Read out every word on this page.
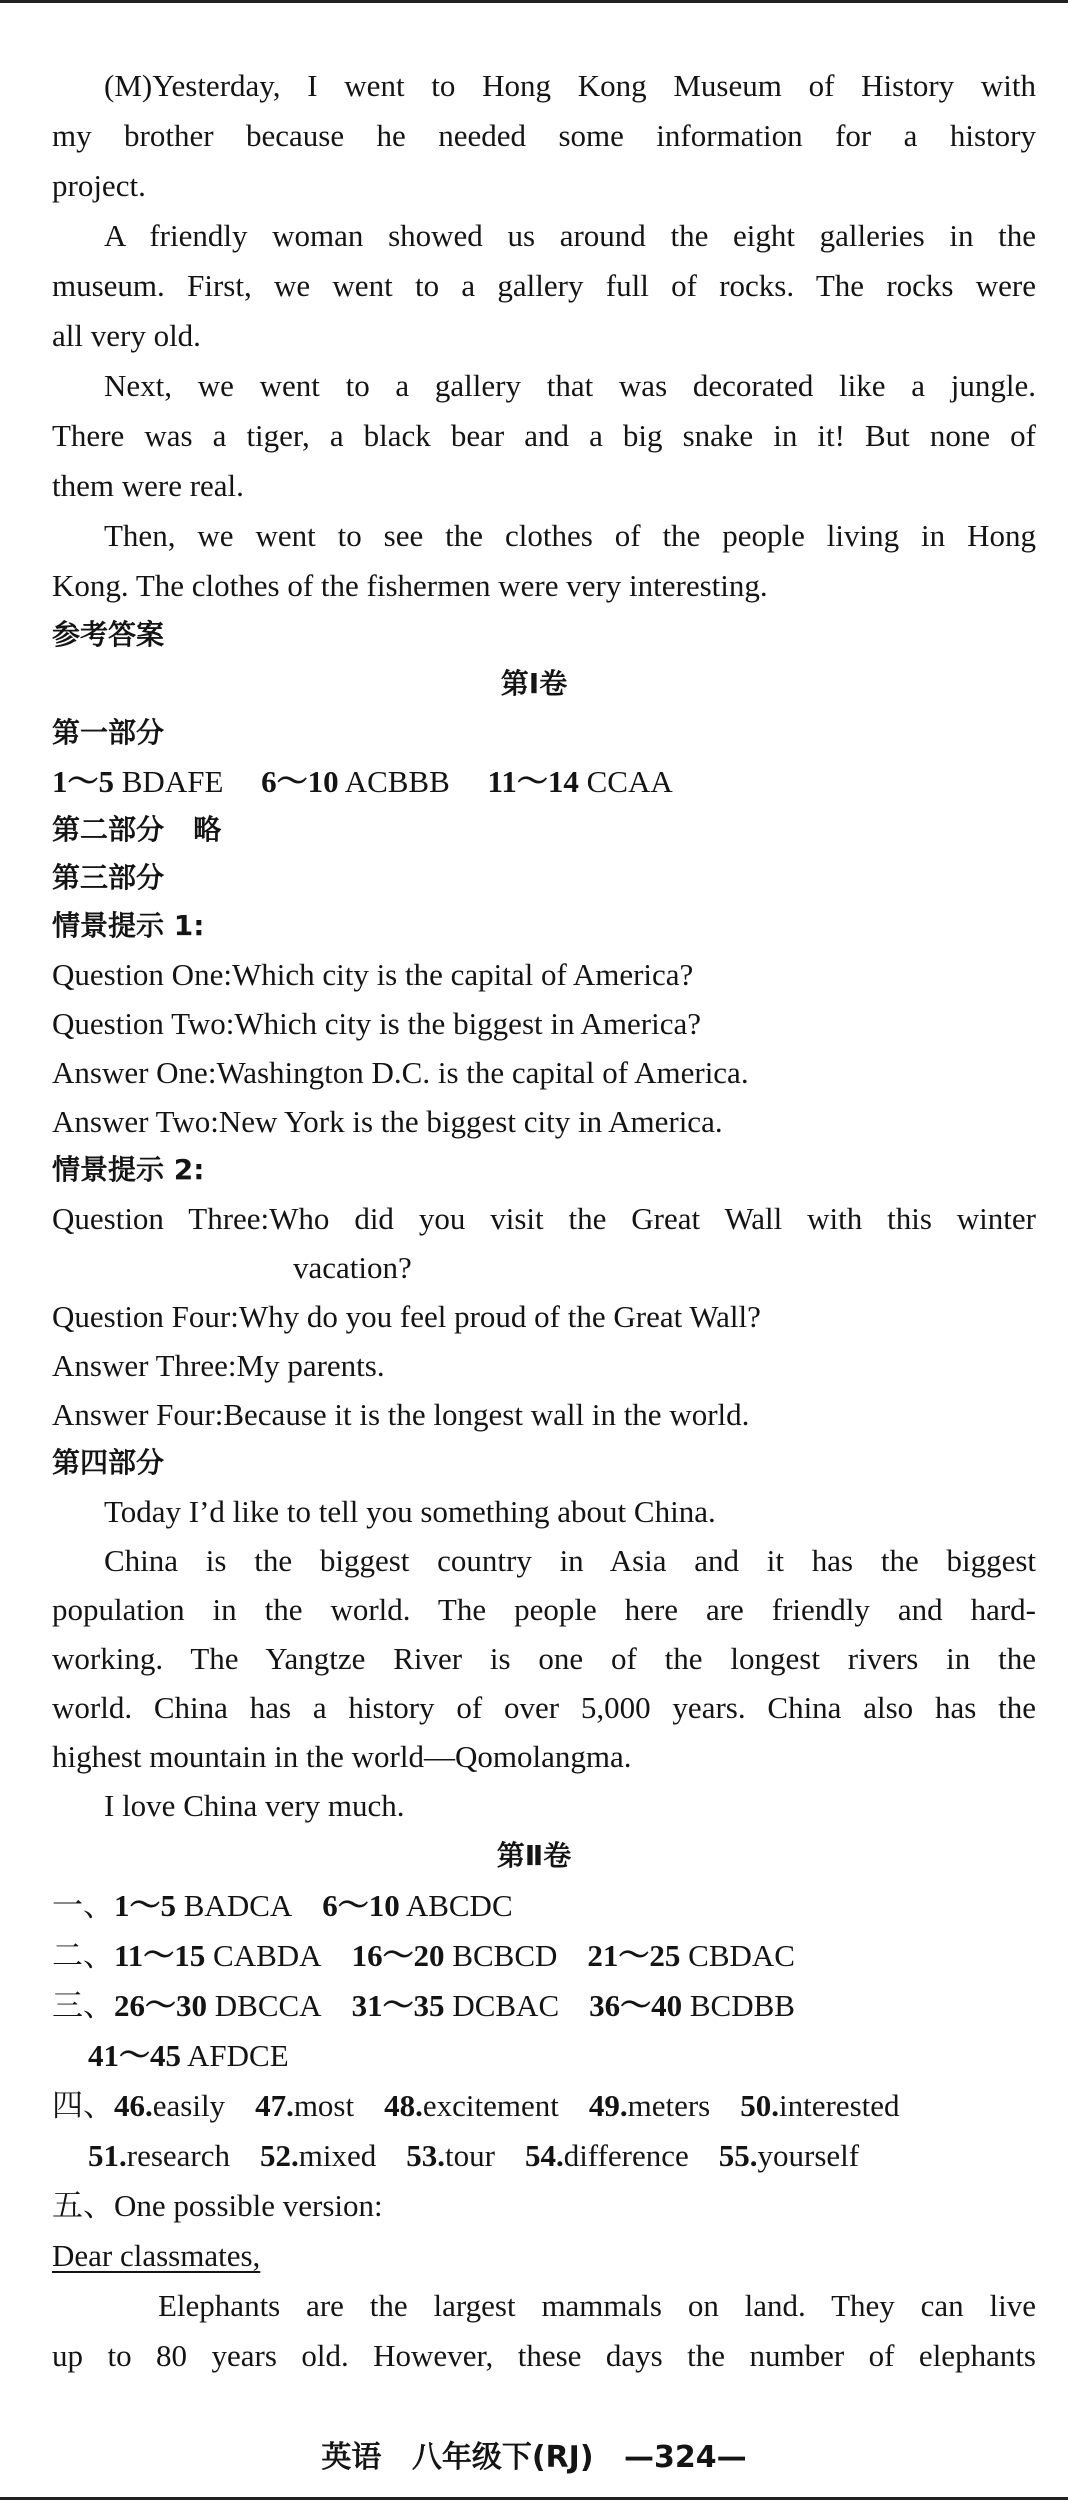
(M)Yesterday, I went to Hong Kong Museum of History with
my brother because he needed some information for a history
project.
A friendly woman showed us around the eight galleries in the
museum. First, we went to a gallery full of rocks. The rocks were
all very old.
Next, we went to a gallery that was decorated like a jungle.
There was a tiger, a black bear and a big snake in it! But none of
them were real.
Then, we went to see the clothes of the people living in Hong
Kong. The clothes of the fishermen were very interesting.
参考答案
第Ⅰ卷
第一部分
1～5 BDAFE 6～10 ACBBB 11～14 CCAA
第二部分 略
第三部分
情景提示 1:
Question One:Which city is the capital of America?
Question Two:Which city is the biggest in America?
Answer One:Washington D.C. is the capital of America.
Answer Two:New York is the biggest city in America.
情景提示 2:
Question Three:Who did you visit the Great Wall with this winter
vacation?
Question Four:Why do you feel proud of the Great Wall?
Answer Three:My parents.
Answer Four:Because it is the longest wall in the world.
第四部分
Today I’d like to tell you something about China.
China is the biggest country in Asia and it has the biggest
population in the world. The people here are friendly and hard-
working. The Yangtze River is one of the longest rivers in the
world. China has a history of over 5,000 years. China also has the
highest mountain in the world—Qomolangma.
I love China very much.
第Ⅱ卷
一、1～5 BADCA 6～10 ABCDC
二、11～15 CABDA 16～20 BCBCD 21～25 CBDAC
三、26～30 DBCCA 31～35 DCBAC 36～40 BCDBB
41～45 AFDCE
四、46.easily 47.most 48.excitement 49.meters 50.interested
51.research 52.mixed 53.tour 54.difference 55.yourself
五、One possible version:
Dear classmates,
Elephants are the largest mammals on land. They can live
up to 80 years old. However, these days the number of elephants
英语 八年级下(RJ) —324—
